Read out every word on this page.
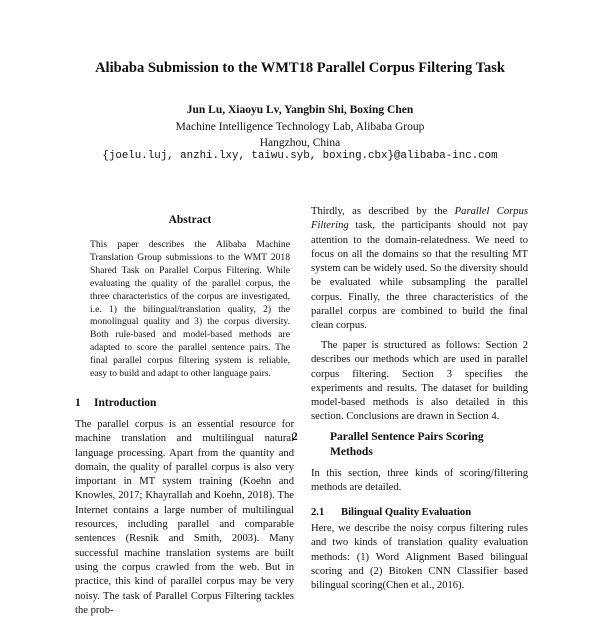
Alibaba Submission to the WMT18 Parallel Corpus Filtering Task
Jun Lu, Xiaoyu Lv, Yangbin Shi, Boxing Chen
Machine Intelligence Technology Lab, Alibaba Group
Hangzhou, China
{joelu.luj, anzhi.lxy, taiwu.syb, boxing.cbx}@alibaba-inc.com
Abstract

This paper describes the Alibaba Machine Translation Group submissions to the WMT 2018 Shared Task on Parallel Corpus Filtering. While evaluating the quality of the parallel corpus, the three characteristics of the corpus are investigated, i.e. 1) the bilingual/translation quality, 2) the monolingual quality and 3) the corpus diversity. Both rule-based and model-based methods are adapted to score the parallel sentence pairs. The final parallel corpus filtering system is reliable, easy to build and adapt to other language pairs.

1 Introduction

The parallel corpus is an essential resource for machine translation and multilingual natural language processing. Apart from the quantity and domain, the quality of parallel corpus is also very important in MT system training (Koehn and Knowles, 2017; Khayrallah and Koehn, 2018). The Internet contains a large number of multilingual resources, including parallel and comparable sentences (Resnik and Smith, 2003). Many successful machine translation systems are built using the corpus crawled from the web. But in practice, this kind of parallel corpus may be very noisy. The task of Parallel Corpus Filtering tackles the prob-

Thirdly, as described by the Parallel Corpus Filtering task, the participants should not pay attention to the domain-relatedness. We need to focus on all the domains so that the resulting MT system can be widely used. So the diversity should be evaluated while subsampling the parallel corpus. Finally, the three characteristics of the parallel corpus are combined to build the final clean corpus.

The paper is structured as follows: Section 2 describes our methods which are used in parallel corpus filtering. Section 3 specifies the experiments and results. The dataset for building model-based methods is also detailed in this section. Conclusions are drawn in Section 4.

2	Parallel Sentence Pairs Scoring Methods

In this section, three kinds of scoring/filtering methods are detailed.

2.1 Bilingual Quality Evaluation

Here, we describe the noisy corpus filtering rules and two kinds of translation quality evaluation methods: (1) Word Alignment Based bilingual scoring and (2) Bitoken CNN Classifier based bilingual scoring(Chen et al., 2016).
